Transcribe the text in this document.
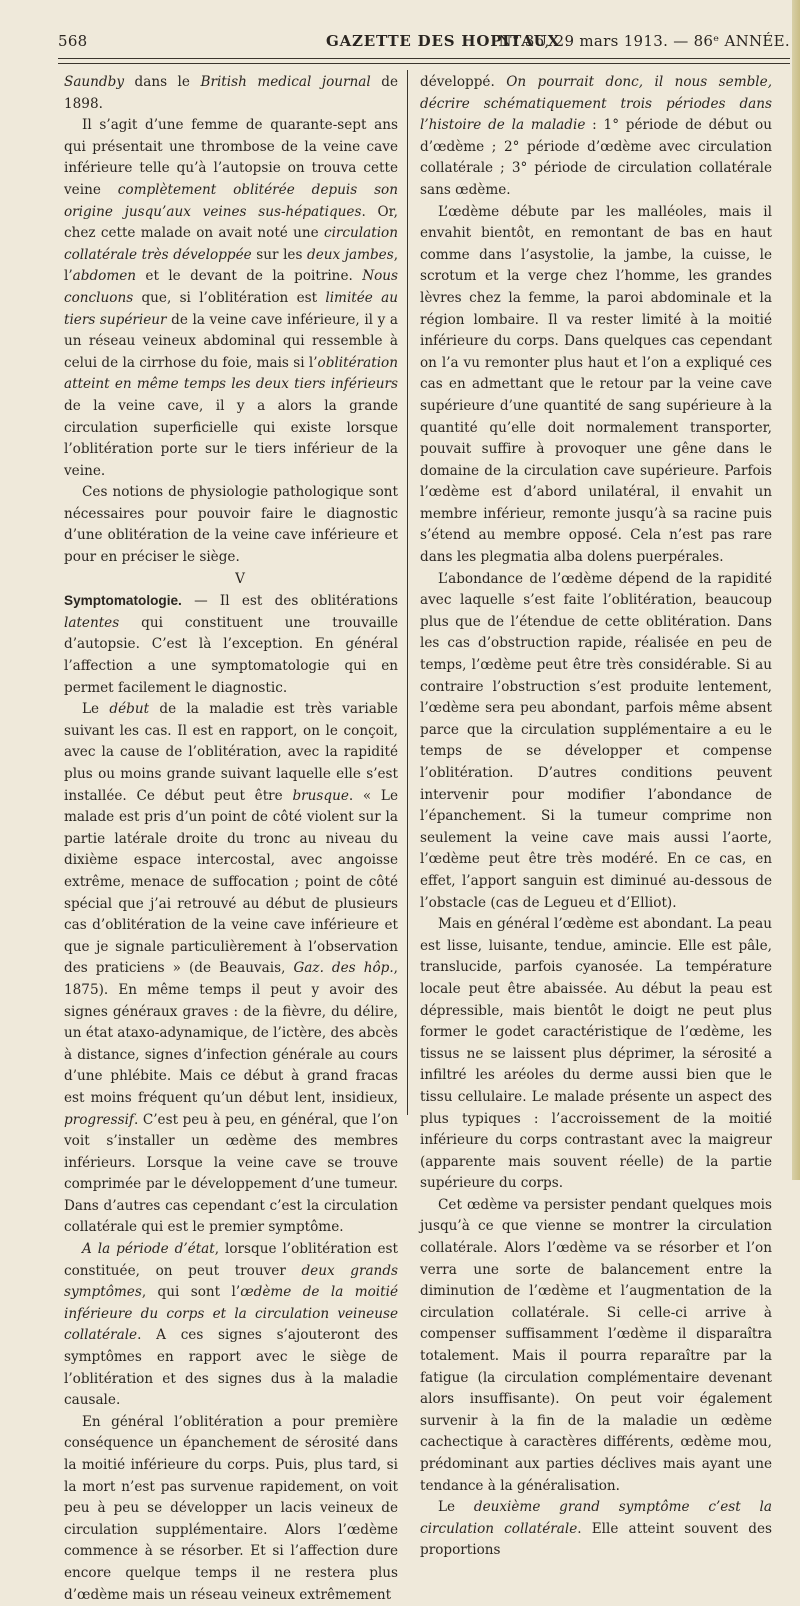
568	GAZETTE DES HOPITAUX
N° 36, 29 mars 1913. — 86ᵉ ANNÉE.

Saundby dans le British medical journal de 1898.

Il s’agit d’une femme de quarante-sept ans qui présentait une thrombose de la veine cave inférieure telle qu’à l’autopsie on trouva cette veine complètement oblitérée depuis son origine jusqu’aux veines sus-hépatiques. Or, chez cette malade on avait noté une circulation collatérale très développée sur les deux jambes, l’abdomen et le devant de la poitrine. Nous concluons que, si l’oblitération est limitée au tiers supérieur de la veine cave inférieure, il y a un réseau veineux abdominal qui ressemble à celui de la cirrhose du foie, mais si l’oblitération atteint en même temps les deux tiers inférieurs de la veine cave, il y a alors la grande circulation superficielle qui existe lorsque l’oblitération porte sur le tiers inférieur de la veine.

Ces notions de physiologie pathologique sont nécessaires pour pouvoir faire le diagnostic d’une oblitération de la veine cave inférieure et pour en préciser le siège.

V

Symptomatologie. — Il est des oblitérations latentes qui constituent une trouvaille d’autopsie. C’est là l’exception. En général l’affection a une symptomatologie qui en permet facilement le diagnostic.

Le début de la maladie est très variable suivant les cas. Il est en rapport, on le conçoit, avec la cause de l’oblitération, avec la rapidité plus ou moins grande suivant laquelle elle s’est installée. Ce début peut être brusque. « Le malade est pris d’un point de côté violent sur la partie latérale droite du tronc au niveau du dixième espace intercostal, avec angoisse extrême, menace de suffocation ; point de côté spécial que j’ai retrouvé au début de plusieurs cas d’oblitération de la veine cave inférieure et que je signale particulièrement à l’observation des praticiens » (de Beauvais, Gaz. des hôp., 1875). En même temps il peut y avoir des signes généraux graves : de la fièvre, du délire, un état ataxo-adynamique, de l’ictère, des abcès à distance, signes d’infection générale au cours d’une phlébite. Mais ce début à grand fracas est moins fréquent qu’un début lent, insidieux, progressif. C’est peu à peu, en général, que l’on voit s’installer un œdème des membres inférieurs. Lorsque la veine cave se trouve comprimée par le développement d’une tumeur. Dans d’autres cas cependant c’est la circulation collatérale qui est le premier symptôme.

A la période d’état, lorsque l’oblitération est constituée, on peut trouver deux grands symptômes, qui sont l’œdème de la moitié inférieure du corps et la circulation veineuse collatérale. A ces signes s’ajouteront des symptômes en rapport avec le siège de l’oblitération et des signes dus à la maladie causale.

En général l’oblitération a pour première conséquence un épanchement de sérosité dans la moitié inférieure du corps. Puis, plus tard, si la mort n’est pas survenue rapidement, on voit peu à peu se développer un lacis veineux de circulation supplémentaire. Alors l’œdème commence à se résorber. Et si l’affection dure encore quelque temps il ne restera plus d’œdème mais un réseau veineux extrêmement

développé. On pourrait donc, il nous semble, décrire schématiquement trois périodes dans l’histoire de la maladie : 1° période de début ou d’œdème ; 2° période d’œdème avec circulation collatérale ; 3° période de circulation collatérale sans œdème.

L’œdème débute par les malléoles, mais il envahit bientôt, en remontant de bas en haut comme dans l’asystolie, la jambe, la cuisse, le scrotum et la verge chez l’homme, les grandes lèvres chez la femme, la paroi abdominale et la région lombaire. Il va rester limité à la moitié inférieure du corps. Dans quelques cas cependant on l’a vu remonter plus haut et l’on a expliqué ces cas en admettant que le retour par la veine cave supérieure d’une quantité de sang supérieure à la quantité qu’elle doit normalement transporter, pouvait suffire à provoquer une gêne dans le domaine de la circulation cave supérieure. Parfois l’œdème est d’abord unilatéral, il envahit un membre inférieur, remonte jusqu’à sa racine puis s’étend au membre opposé. Cela n’est pas rare dans les plegmatia alba dolens puerpérales.

L’abondance de l’œdème dépend de la rapidité avec laquelle s’est faite l’oblitération, beaucoup plus que de l’étendue de cette oblitération. Dans les cas d’obstruction rapide, réalisée en peu de temps, l’œdème peut être très considérable. Si au contraire l’obstruction s’est produite lentement, l’œdème sera peu abondant, parfois même absent parce que la circulation supplémentaire a eu le temps de se développer et compense l’oblitération. D’autres conditions peuvent intervenir pour modifier l’abondance de l’épanchement. Si la tumeur comprime non seulement la veine cave mais aussi l’aorte, l’œdème peut être très modéré. En ce cas, en effet, l’apport sanguin est diminué au-dessous de l’obstacle (cas de Legueu et d’Elliot).

Mais en général l’œdème est abondant. La peau est lisse, luisante, tendue, amincie. Elle est pâle, translucide, parfois cyanosée. La température locale peut être abaissée. Au début la peau est dépressible, mais bientôt le doigt ne peut plus former le godet caractéristique de l’œdème, les tissus ne se laissent plus déprimer, la sérosité a infiltré les aréoles du derme aussi bien que le tissu cellulaire. Le malade présente un aspect des plus typiques : l’accroissement de la moitié inférieure du corps contrastant avec la maigreur (apparente mais souvent réelle) de la partie supérieure du corps.

Cet œdème va persister pendant quelques mois jusqu’à ce que vienne se montrer la circulation collatérale. Alors l’œdème va se résorber et l’on verra une sorte de balancement entre la diminution de l’œdème et l’augmentation de la circulation collatérale. Si celle-ci arrive à compenser suffisamment l’œdème il disparaîtra totalement. Mais il pourra reparaître par la fatigue (la circulation complémentaire devenant alors insuffisante). On peut voir également survenir à la fin de la maladie un œdème cachectique à caractères différents, œdème mou, prédominant aux parties déclives mais ayant une tendance à la généralisation.

Le deuxième grand symptôme c’est la circulation collatérale. Elle atteint souvent des proportions
